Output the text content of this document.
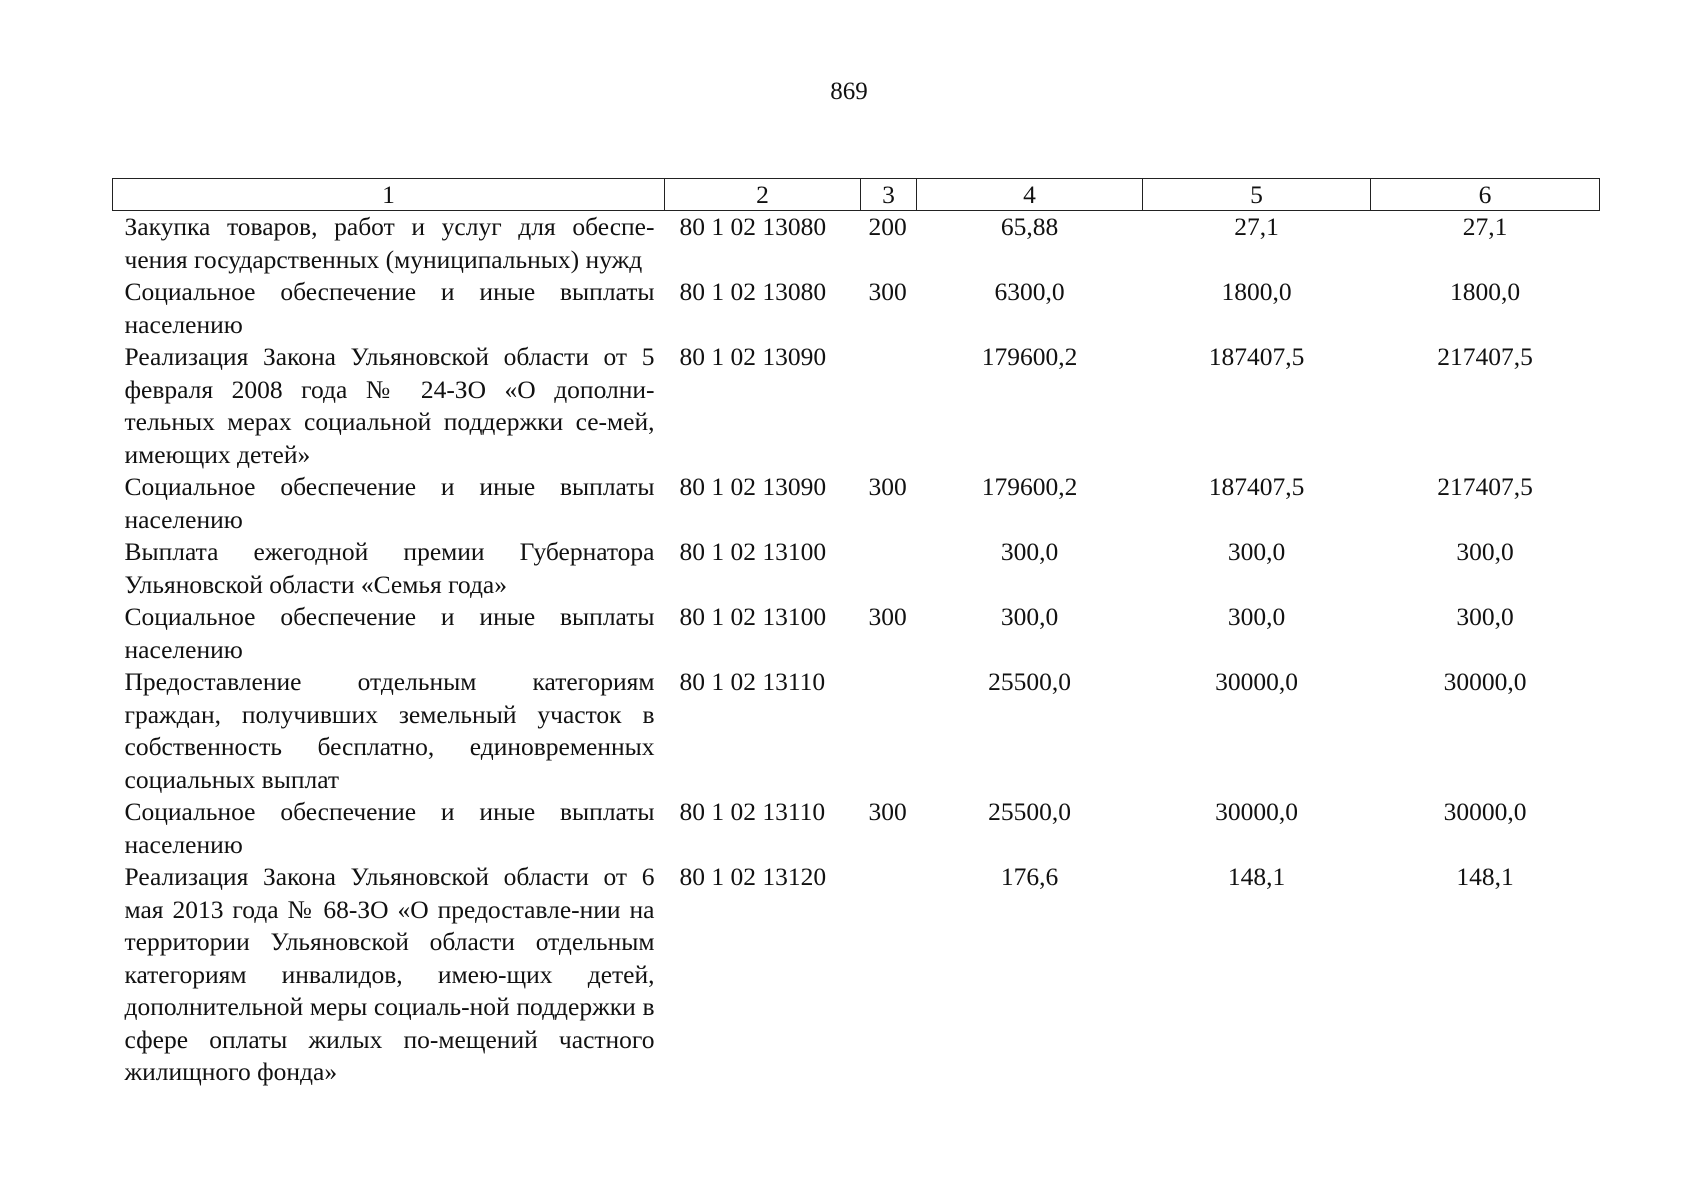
869
1	2	3	4	5	6
Закупка товаров, работ и услуг для обеспе-чения государственных (муниципальных) нужд	80 1 02 13080	200	65,88	27,1	27,1
Социальное обеспечение и иные выплаты населению	80 1 02 13080	300	6300,0	1800,0	1800,0
Реализация Закона Ульяновской области от 5 февраля 2008 года № 24-ЗО «О дополни-тельных мерах социальной поддержки се-мей, имеющих детей»	80 1 02 13090		179600,2	187407,5	217407,5
Социальное обеспечение и иные выплаты населению	80 1 02 13090	300	179600,2	187407,5	217407,5
Выплата ежегодной премии Губернатора Ульяновской области «Семья года»	80 1 02 13100		300,0	300,0	300,0
Социальное обеспечение и иные выплаты населению	80 1 02 13100	300	300,0	300,0	300,0
Предоставление отдельным категориям граждан, получивших земельный участок в собственность бесплатно, единовременных социальных выплат	80 1 02 13110		25500,0	30000,0	30000,0
Социальное обеспечение и иные выплаты населению	80 1 02 13110	300	25500,0	30000,0	30000,0
Реализация Закона Ульяновской области от 6 мая 2013 года № 68-ЗО «О предоставле-нии на территории Ульяновской области отдельным категориям инвалидов, имею-щих детей, дополнительной меры социаль-ной поддержки в сфере оплаты жилых по-мещений частного жилищного фонда»	80 1 02 13120		176,6	148,1	148,1
